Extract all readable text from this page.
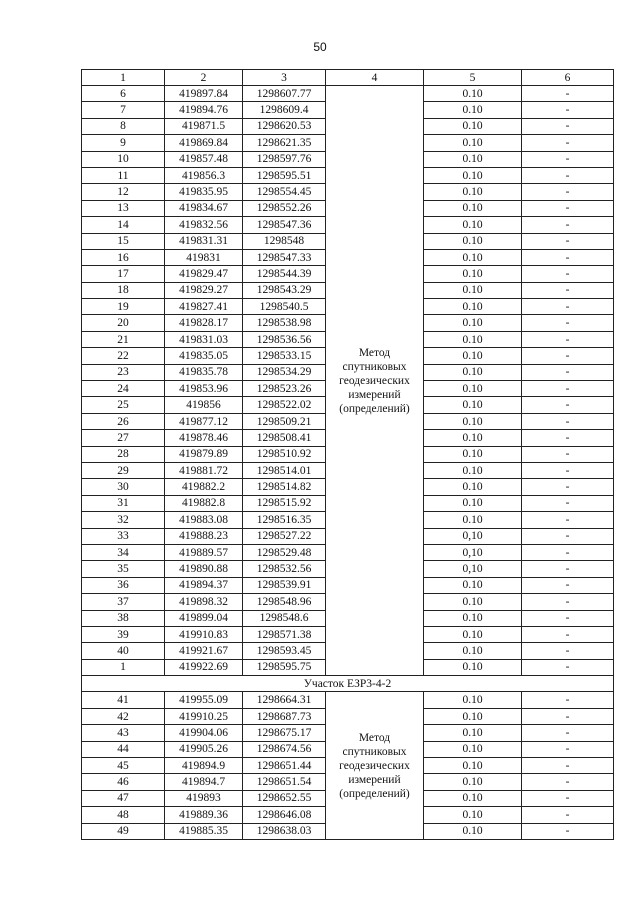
50
1	2	3	4	5	6
6	419897.84	1298607.77	Метод
спутниковых
геодезических
измерений
(определений)	0.10	-
7	419894.76	1298609.4		0.10	-
8	419871.5	1298620.53		0.10	-
9	419869.84	1298621.35		0.10	-
10	419857.48	1298597.76		0.10	-
11	419856.3	1298595.51		0.10	-
12	419835.95	1298554.45		0.10	-
13	419834.67	1298552.26		0.10	-
14	419832.56	1298547.36		0.10	-
15	419831.31	1298548		0.10	-
16	419831	1298547.33		0.10	-
17	419829.47	1298544.39		0.10	-
18	419829.27	1298543.29		0.10	-
19	419827.41	1298540.5		0.10	-
20	419828.17	1298538.98		0.10	-
21	419831.03	1298536.56		0.10	-
22	419835.05	1298533.15		0.10	-
23	419835.78	1298534.29		0.10	-
24	419853.96	1298523.26		0.10	-
25	419856	1298522.02		0.10	-
26	419877.12	1298509.21		0.10	-
27	419878.46	1298508.41		0.10	-
28	419879.89	1298510.92		0.10	-
29	419881.72	1298514.01		0.10	-
30	419882.2	1298514.82		0.10	-
31	419882.8	1298515.92		0.10	-
32	419883.08	1298516.35		0.10	-
33	419888.23	1298527.22		0,10	-
34	419889.57	1298529.48		0,10	-
35	419890.88	1298532.56		0,10	-
36	419894.37	1298539.91		0.10	-
37	419898.32	1298548.96		0.10	-
38	419899.04	1298548.6		0.10	-
39	419910.83	1298571.38		0.10	-
40	419921.67	1298593.45		0.10	-
1	419922.69	1298595.75		0.10	-
Участок ЕЗР3-4-2					
41	419955.09	1298664.31	Метод
спутниковых
геодезических
измерений
(определений)	0.10	-
42	419910.25	1298687.73		0.10	-
43	419904.06	1298675.17		0.10	-
44	419905.26	1298674.56		0.10	-
45	419894.9	1298651.44		0.10	-
46	419894.7	1298651.54		0.10	-
47	419893	1298652.55		0.10	-
48	419889.36	1298646.08		0.10	-
49	419885.35	1298638.03		0.10	-
